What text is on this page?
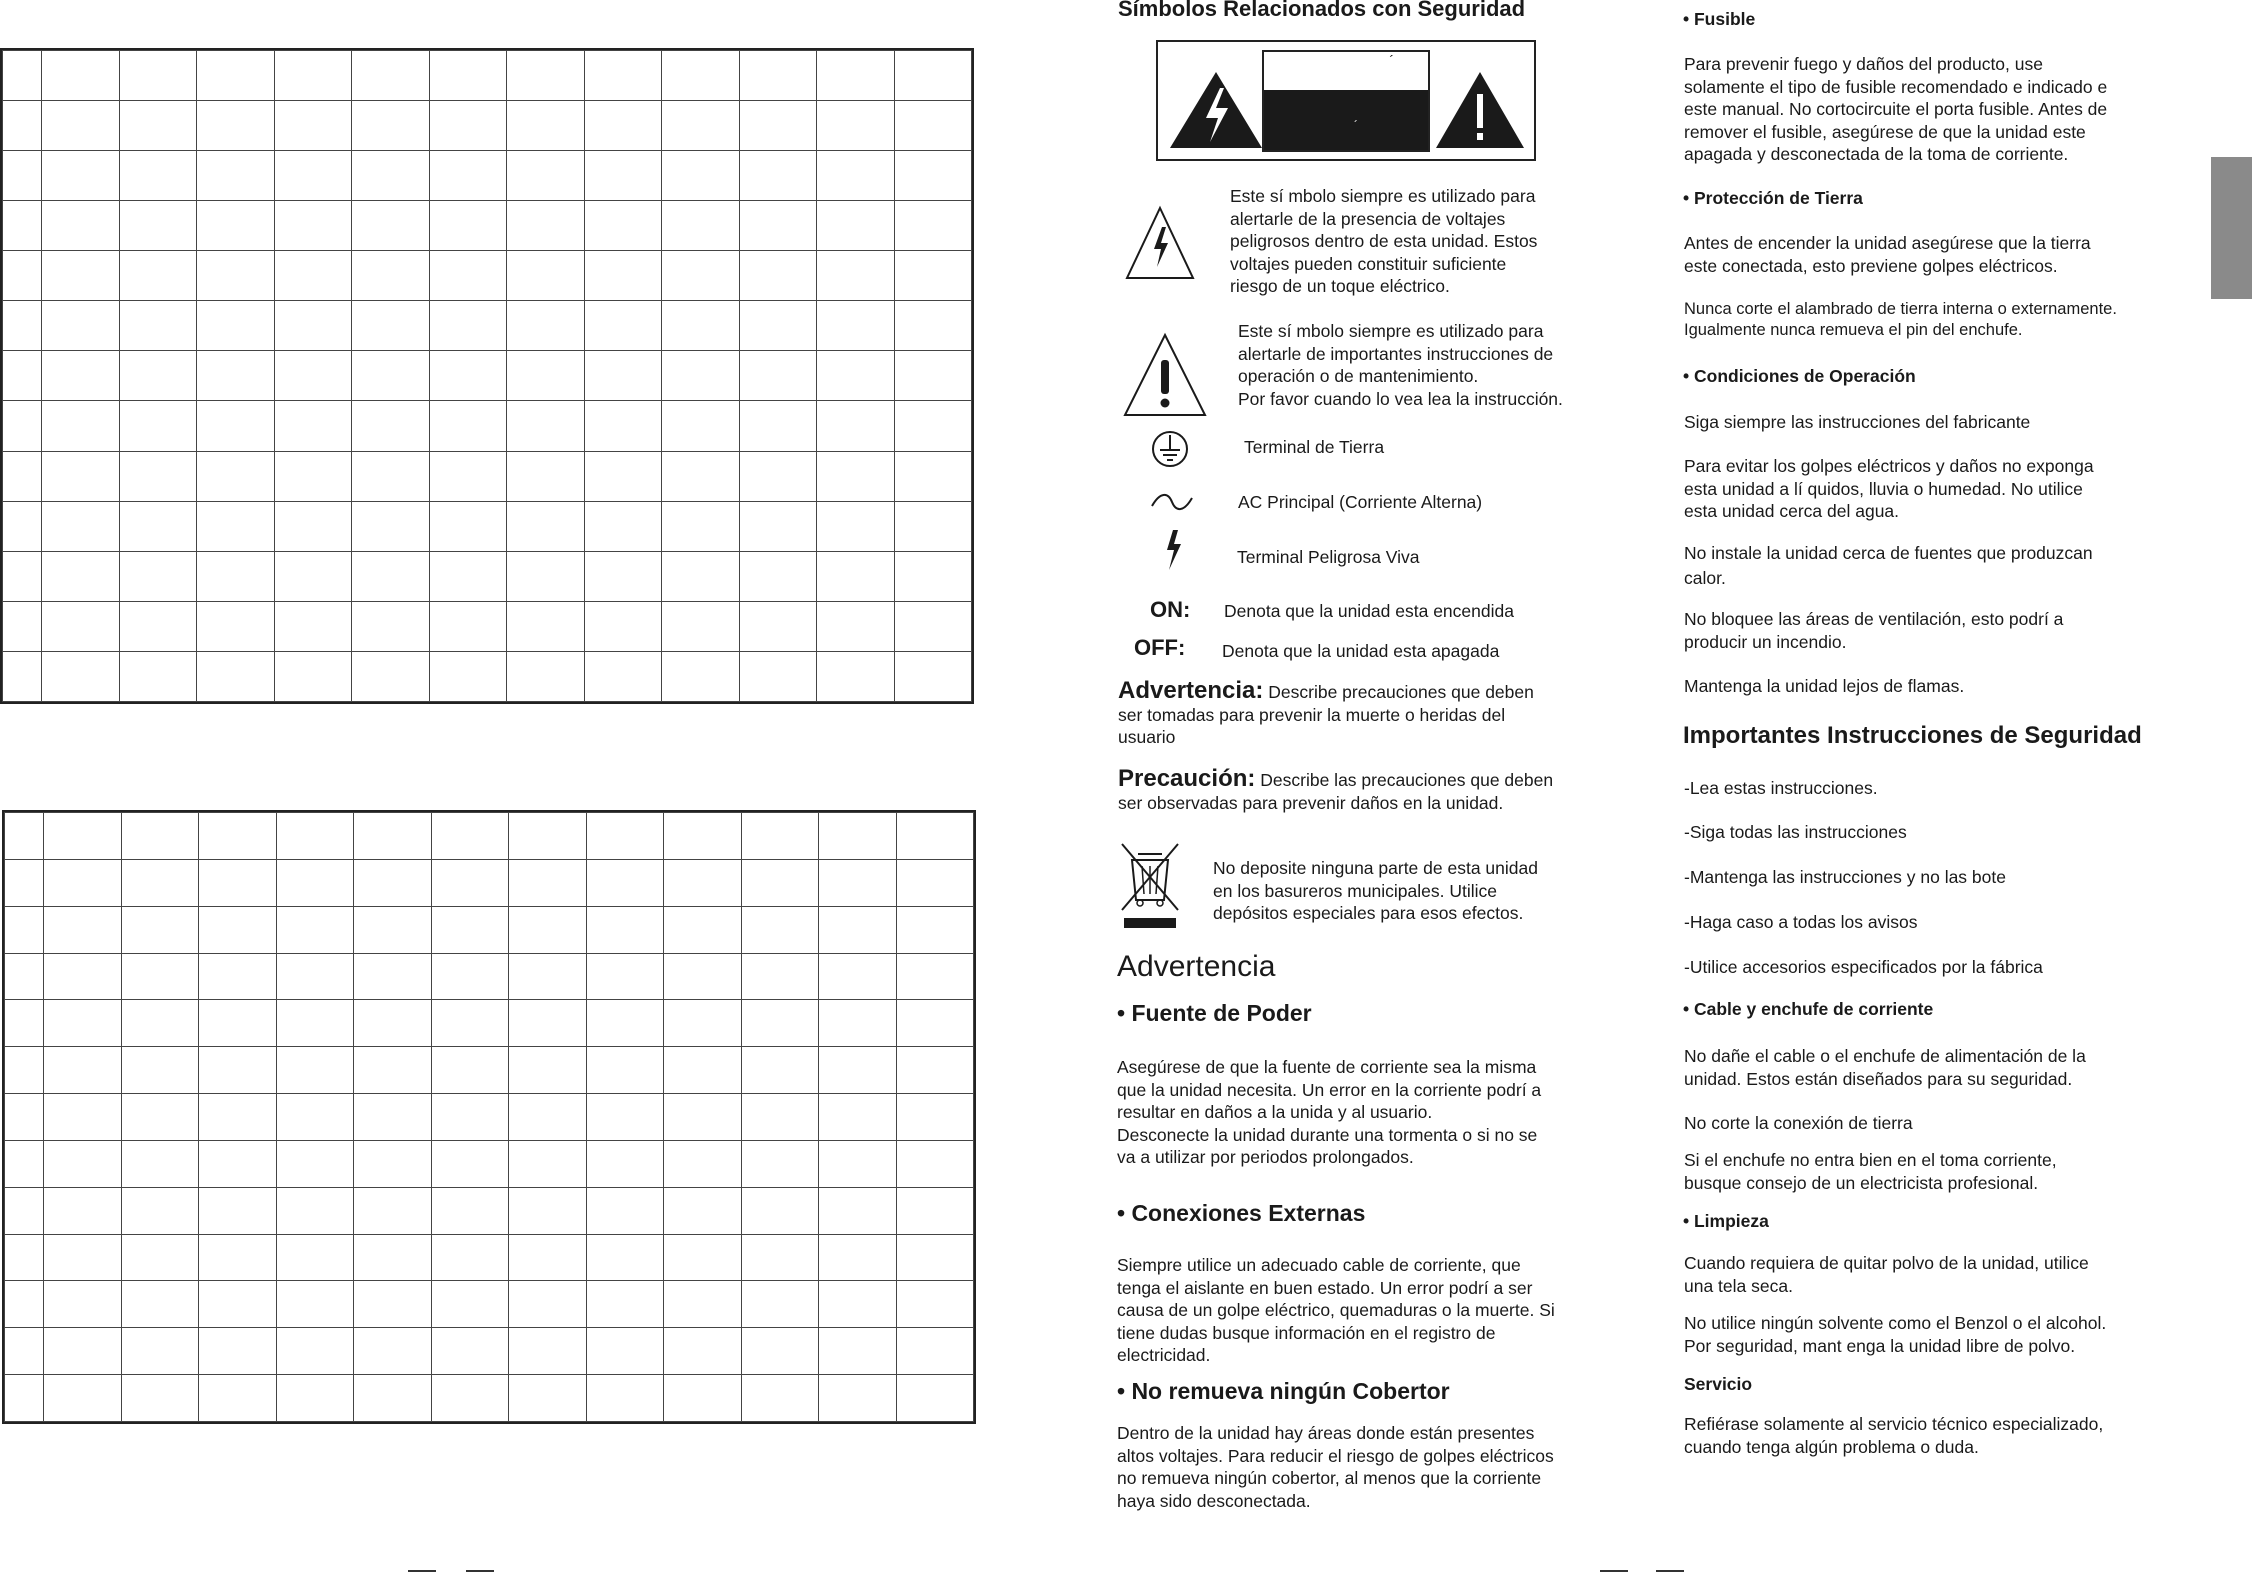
Símbolos Relacionados con Seguridad
´
´
Este sí mbolo siempre es utilizado para
alertarle de la presencia de voltajes
peligrosos dentro de esta unidad. Estos
voltajes pueden constituir suficiente
riesgo de un toque eléctrico.
Este sí mbolo siempre es utilizado para
alertarle de importantes instrucciones de
operación o de mantenimiento.
Por favor cuando lo vea lea la instrucción.
Terminal de Tierra
AC Principal (Corriente Alterna)
Terminal Peligrosa Viva
ON: Denota que la unidad esta encendida
OFF: Denota que la unidad esta apagada
Advertencia: Describe precauciones que deben
ser tomadas para prevenir la muerte o heridas del
usuario
Precaución: Describe las precauciones que deben
ser observadas para prevenir daños en la unidad.
No deposite ninguna parte de esta unidad
en los basureros municipales. Utilice
depósitos especiales para esos efectos.
Advertencia
• Fuente de Poder
Asegúrese de que la fuente de corriente sea la misma
que la unidad necesita. Un error en la corriente podrí a
resultar en daños a la unida y al usuario.
Desconecte la unidad durante una tormenta o si no se
va a utilizar por periodos prolongados.
• Conexiones Externas
Siempre utilice un adecuado cable de corriente, que
tenga el aislante en buen estado. Un error podrí a ser
causa de un golpe eléctrico, quemaduras o la muerte. Si
tiene dudas busque información en el registro de
electricidad.
• No remueva ningún Cobertor
Dentro de la unidad hay áreas donde están presentes
altos voltajes. Para reducir el riesgo de golpes eléctricos
no remueva ningún cobertor, al menos que la corriente
haya sido desconectada.
• Fusible
Para prevenir fuego y daños del producto, use
solamente el tipo de fusible recomendado e indicado e
este manual. No cortocircuite el porta fusible. Antes de
remover el fusible, asegúrese de que la unidad este
apagada y desconectada de la toma de corriente.
• Protección de Tierra
Antes de encender la unidad asegúrese que la tierra
este conectada, esto previene golpes eléctricos.
Nunca corte el alambrado de tierra interna o externamente.
Igualmente nunca remueva el pin del enchufe.
• Condiciones de Operación
Siga siempre las instrucciones del fabricante
Para evitar los golpes eléctricos y daños no exponga
esta unidad a lí quidos, lluvia o humedad. No utilice
esta unidad cerca del agua.
No instale la unidad cerca de fuentes que produzcan
calor.
No bloquee las áreas de ventilación, esto podrí a
producir un incendio.
Mantenga la unidad lejos de flamas.
Importantes Instrucciones de Seguridad
-Lea estas instrucciones.
-Siga todas las instrucciones
-Mantenga las instrucciones y no las bote
-Haga caso a todas los avisos
-Utilice accesorios especificados por la fábrica
• Cable y enchufe de corriente
No dañe el cable o el enchufe de alimentación de la
unidad. Estos están diseñados para su seguridad.
No corte la conexión de tierra
Si el enchufe no entra bien en el toma corriente,
busque consejo de un electricista profesional.
• Limpieza
Cuando requiera de quitar polvo de la unidad, utilice
una tela seca.
No utilice ningún solvente como el Benzol o el alcohol.
Por seguridad, mant enga la unidad libre de polvo.
Servicio
Refiérase solamente al servicio técnico especializado,
cuando tenga algún problema o duda.
